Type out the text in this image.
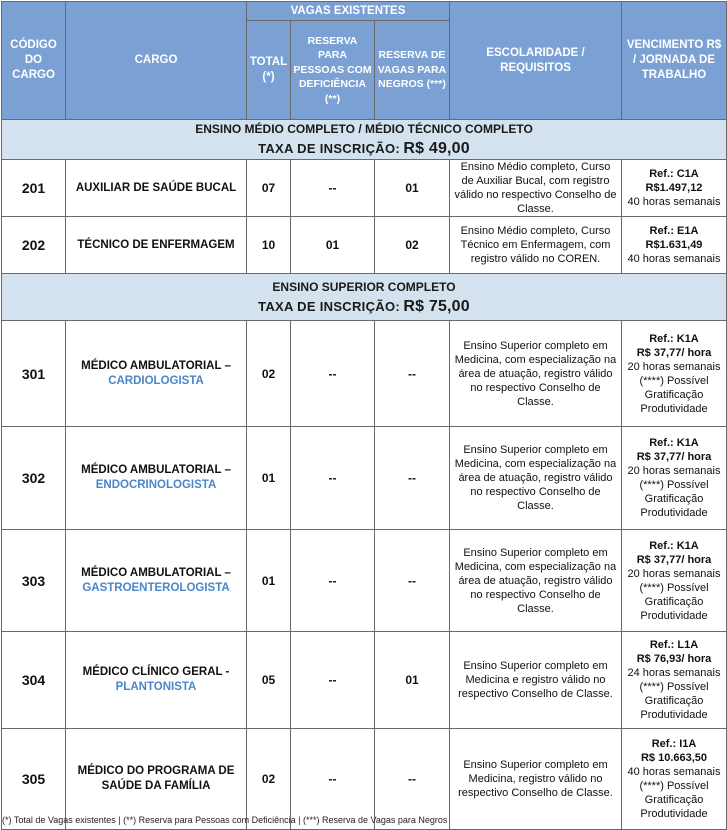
CÓDIGO DO CARGO	CARGO	VAGAS EXISTENTES			ESCOLARIDADE / REQUISITOS	VENCIMENTO R$ / JORNADA DE TRABALHO
		TOTAL (*)	RESERVA PARA PESSOAS COM DEFICIÊNCIA (**)	RESERVA DE VAGAS PARA NEGROS (***)		

ENSINO MÉDIO COMPLETO / MÉDIO TÉCNICO COMPLETO
TAXA DE INSCRIÇÃO: R$ 49,00						

201	AUXILIAR DE SAÚDE BUCAL	07	--	01	Ensino Médio completo, Curso de Auxiliar Bucal, com registro válido no respectivo Conselho de Classe.	Ref.: C1A
R$1.497,12
40 horas semanais

202	TÉCNICO DE ENFERMAGEM	10	01	02	Ensino Médio completo, Curso Técnico em Enfermagem, com registro válido no COREN.	Ref.: E1A
R$1.631,49
40 horas semanais

ENSINO SUPERIOR COMPLETO
TAXA DE INSCRIÇÃO: R$ 75,00						

301	MÉDICO AMBULATORIAL –
CARDIOLOGISTA	02	--	--	Ensino Superior completo em Medicina, com especialização na área de atuação, registro válido no respectivo Conselho de Classe.	Ref.: K1A
R$ 37,77/ hora
20 horas semanais
(****) Possível Gratificação Produtividade

302	MÉDICO AMBULATORIAL –
ENDOCRINOLOGISTA	01	--	--	Ensino Superior completo em Medicina, com especialização na área de atuação, registro válido no respectivo Conselho de Classe.	Ref.: K1A
R$ 37,77/ hora
20 horas semanais
(****) Possível Gratificação Produtividade

303	MÉDICO AMBULATORIAL –
GASTROENTEROLOGISTA	01	--	--	Ensino Superior completo em Medicina, com especialização na área de atuação, registro válido no respectivo Conselho de Classe.	Ref.: K1A
R$ 37,77/ hora
20 horas semanais
(****) Possível Gratificação Produtividade

304	MÉDICO CLÍNICO GERAL -
PLANTONISTA	05	--	01	Ensino Superior completo em Medicina e registro válido no respectivo Conselho de Classe.	Ref.: L1A
R$ 76,93/ hora
24 horas semanais
(****) Possível Gratificação Produtividade

305	MÉDICO DO PROGRAMA DE SAÚDE DA FAMÍLIA	02	--	--	Ensino Superior completo em Medicina, registro válido no respectivo Conselho de Classe.	Ref.: I1A
R$ 10.663,50
40 horas semanais
(****) Possível Gratificação Produtividade
(*) Total de Vagas existentes | (**) Reserva para Pessoas com Deficiência | (***) Reserva de Vagas para Negros
